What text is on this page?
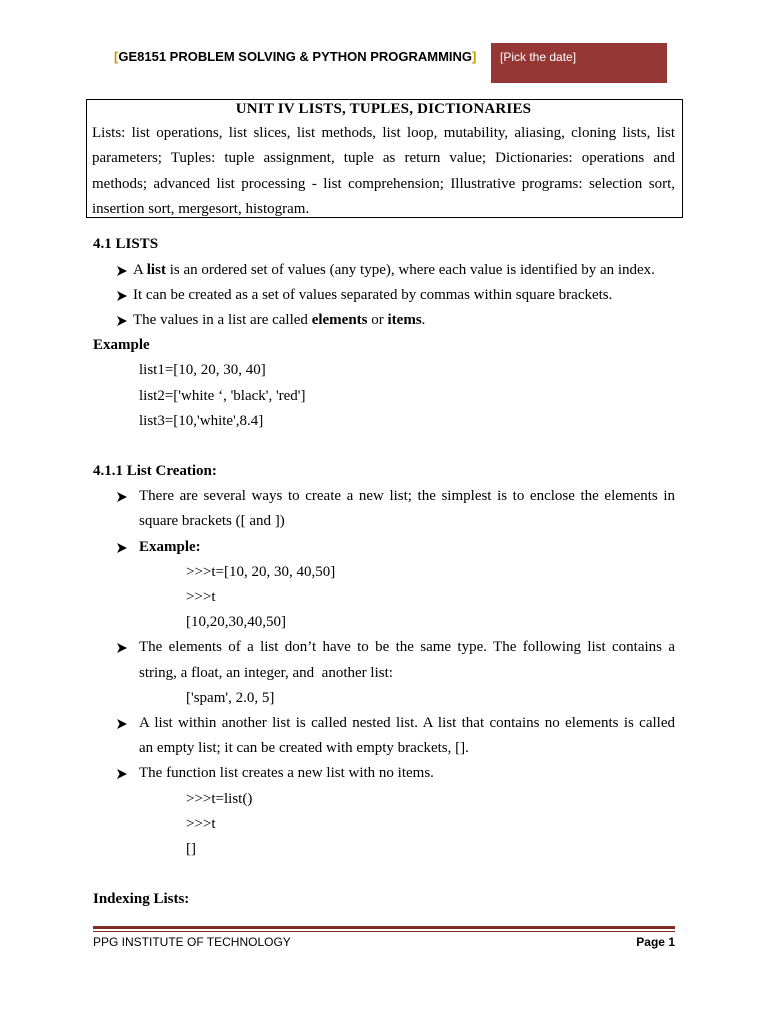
[GE8151 PROBLEM SOLVING & PYTHON PROGRAMMING] [Pick the date]
UNIT IV LISTS, TUPLES, DICTIONARIES
Lists: list operations, list slices, list methods, list loop, mutability, aliasing, cloning lists, list
parameters; Tuples: tuple assignment, tuple as return value; Dictionaries: operations and
methods; advanced list processing - list comprehension; Illustrative programs: selection sort,
insertion sort, mergesort, histogram.
4.1 LISTS
A list is an ordered set of values (any type), where each value is identified by an index.
It can be created as a set of values separated by commas within square brackets.
The values in a list are called elements or items.
Example
list1=[10, 20, 30, 40]
list2=['white ‘, 'black', 'red']
list3=[10,'white',8.4]
4.1.1 List Creation:
There are several ways to create a new list; the simplest is to enclose the elements in
square brackets ([ and ])
Example:
>>>t=[10, 20, 30, 40,50]
>>>t
[10,20,30,40,50]
The elements of a list don’t have to be the same type. The following list contains a
string, a float, an integer, and  another list:
['spam', 2.0, 5]
A list within another list is called nested list. A list that contains no elements is called
an empty list; it can be created with empty brackets, [].
The function list creates a new list with no items.
>>>t=list()
>>>t
[]
Indexing Lists:
PPG INSTITUTE OF TECHNOLOGY	Page 1
